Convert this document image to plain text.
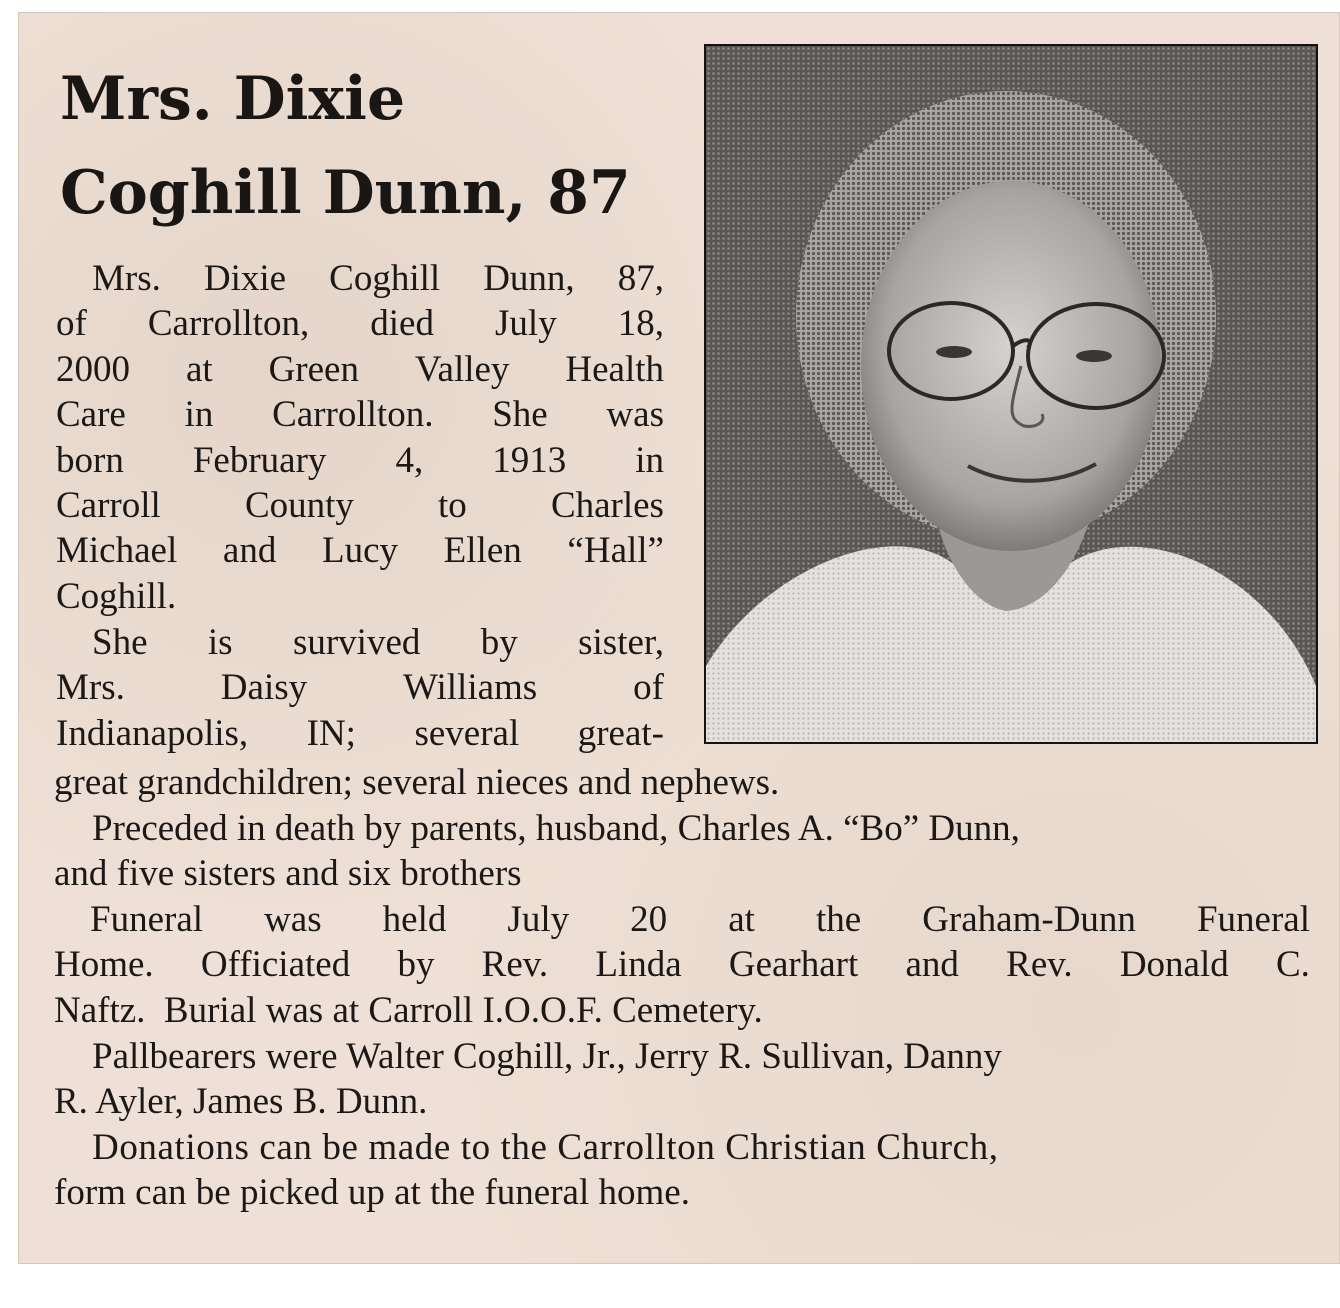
Mrs. Dixie
Coghill Dunn, 87
Mrs. Dixie Coghill Dunn, 87,
of Carrollton, died July 18,
2000 at Green Valley Health
Care in Carrollton. She was
born February 4, 1913 in
Carroll County to Charles
Michael and Lucy Ellen “Hall”
Coghill.
She is survived by sister,
Mrs.	Daisy	Williams	of
Indianapolis, IN; several great-
great grandchildren; several nieces and nephews.
Preceded in death by parents, husband, Charles A. “Bo” Dunn,
and five sisters and six brothers
Funeral was held July 20 at the Graham-Dunn Funeral
Home. Officiated by Rev. Linda Gearhart and Rev. Donald C.
Naftz.  Burial was at Carroll I.O.O.F. Cemetery.
Pallbearers were Walter Coghill, Jr., Jerry R. Sullivan, Danny
R. Ayler, James B. Dunn.
Donations can be made to the Carrollton Christian Church,
form can be picked up at the funeral home.
